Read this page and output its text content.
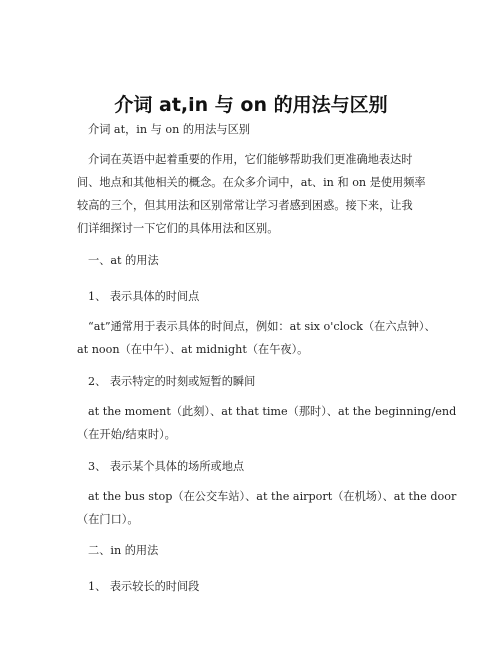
介词 at,in 与 on 的用法与区别
介词 at，in 与 on 的用法与区别
介词在英语中起着重要的作用，它们能够帮助我们更准确地表达时
间、地点和其他相关的概念。在众多介词中，at、in 和 on 是使用频率
较高的三个，但其用法和区别常常让学习者感到困惑。接下来，让我
们详细探讨一下它们的具体用法和区别。
一、at 的用法
1、 表示具体的时间点
“at”通常用于表示具体的时间点，例如：at six o'clock（在六点钟）、
at noon（在中午）、at midnight（在午夜）。
2、 表示特定的时刻或短暂的瞬间
at the moment（此刻）、at that time（那时）、at the beginning/end
（在开始/结束时）。
3、 表示某个具体的场所或地点
at the bus stop（在公交车站）、at the airport（在机场）、at the door
（在门口）。
二、in 的用法
1、 表示较长的时间段
